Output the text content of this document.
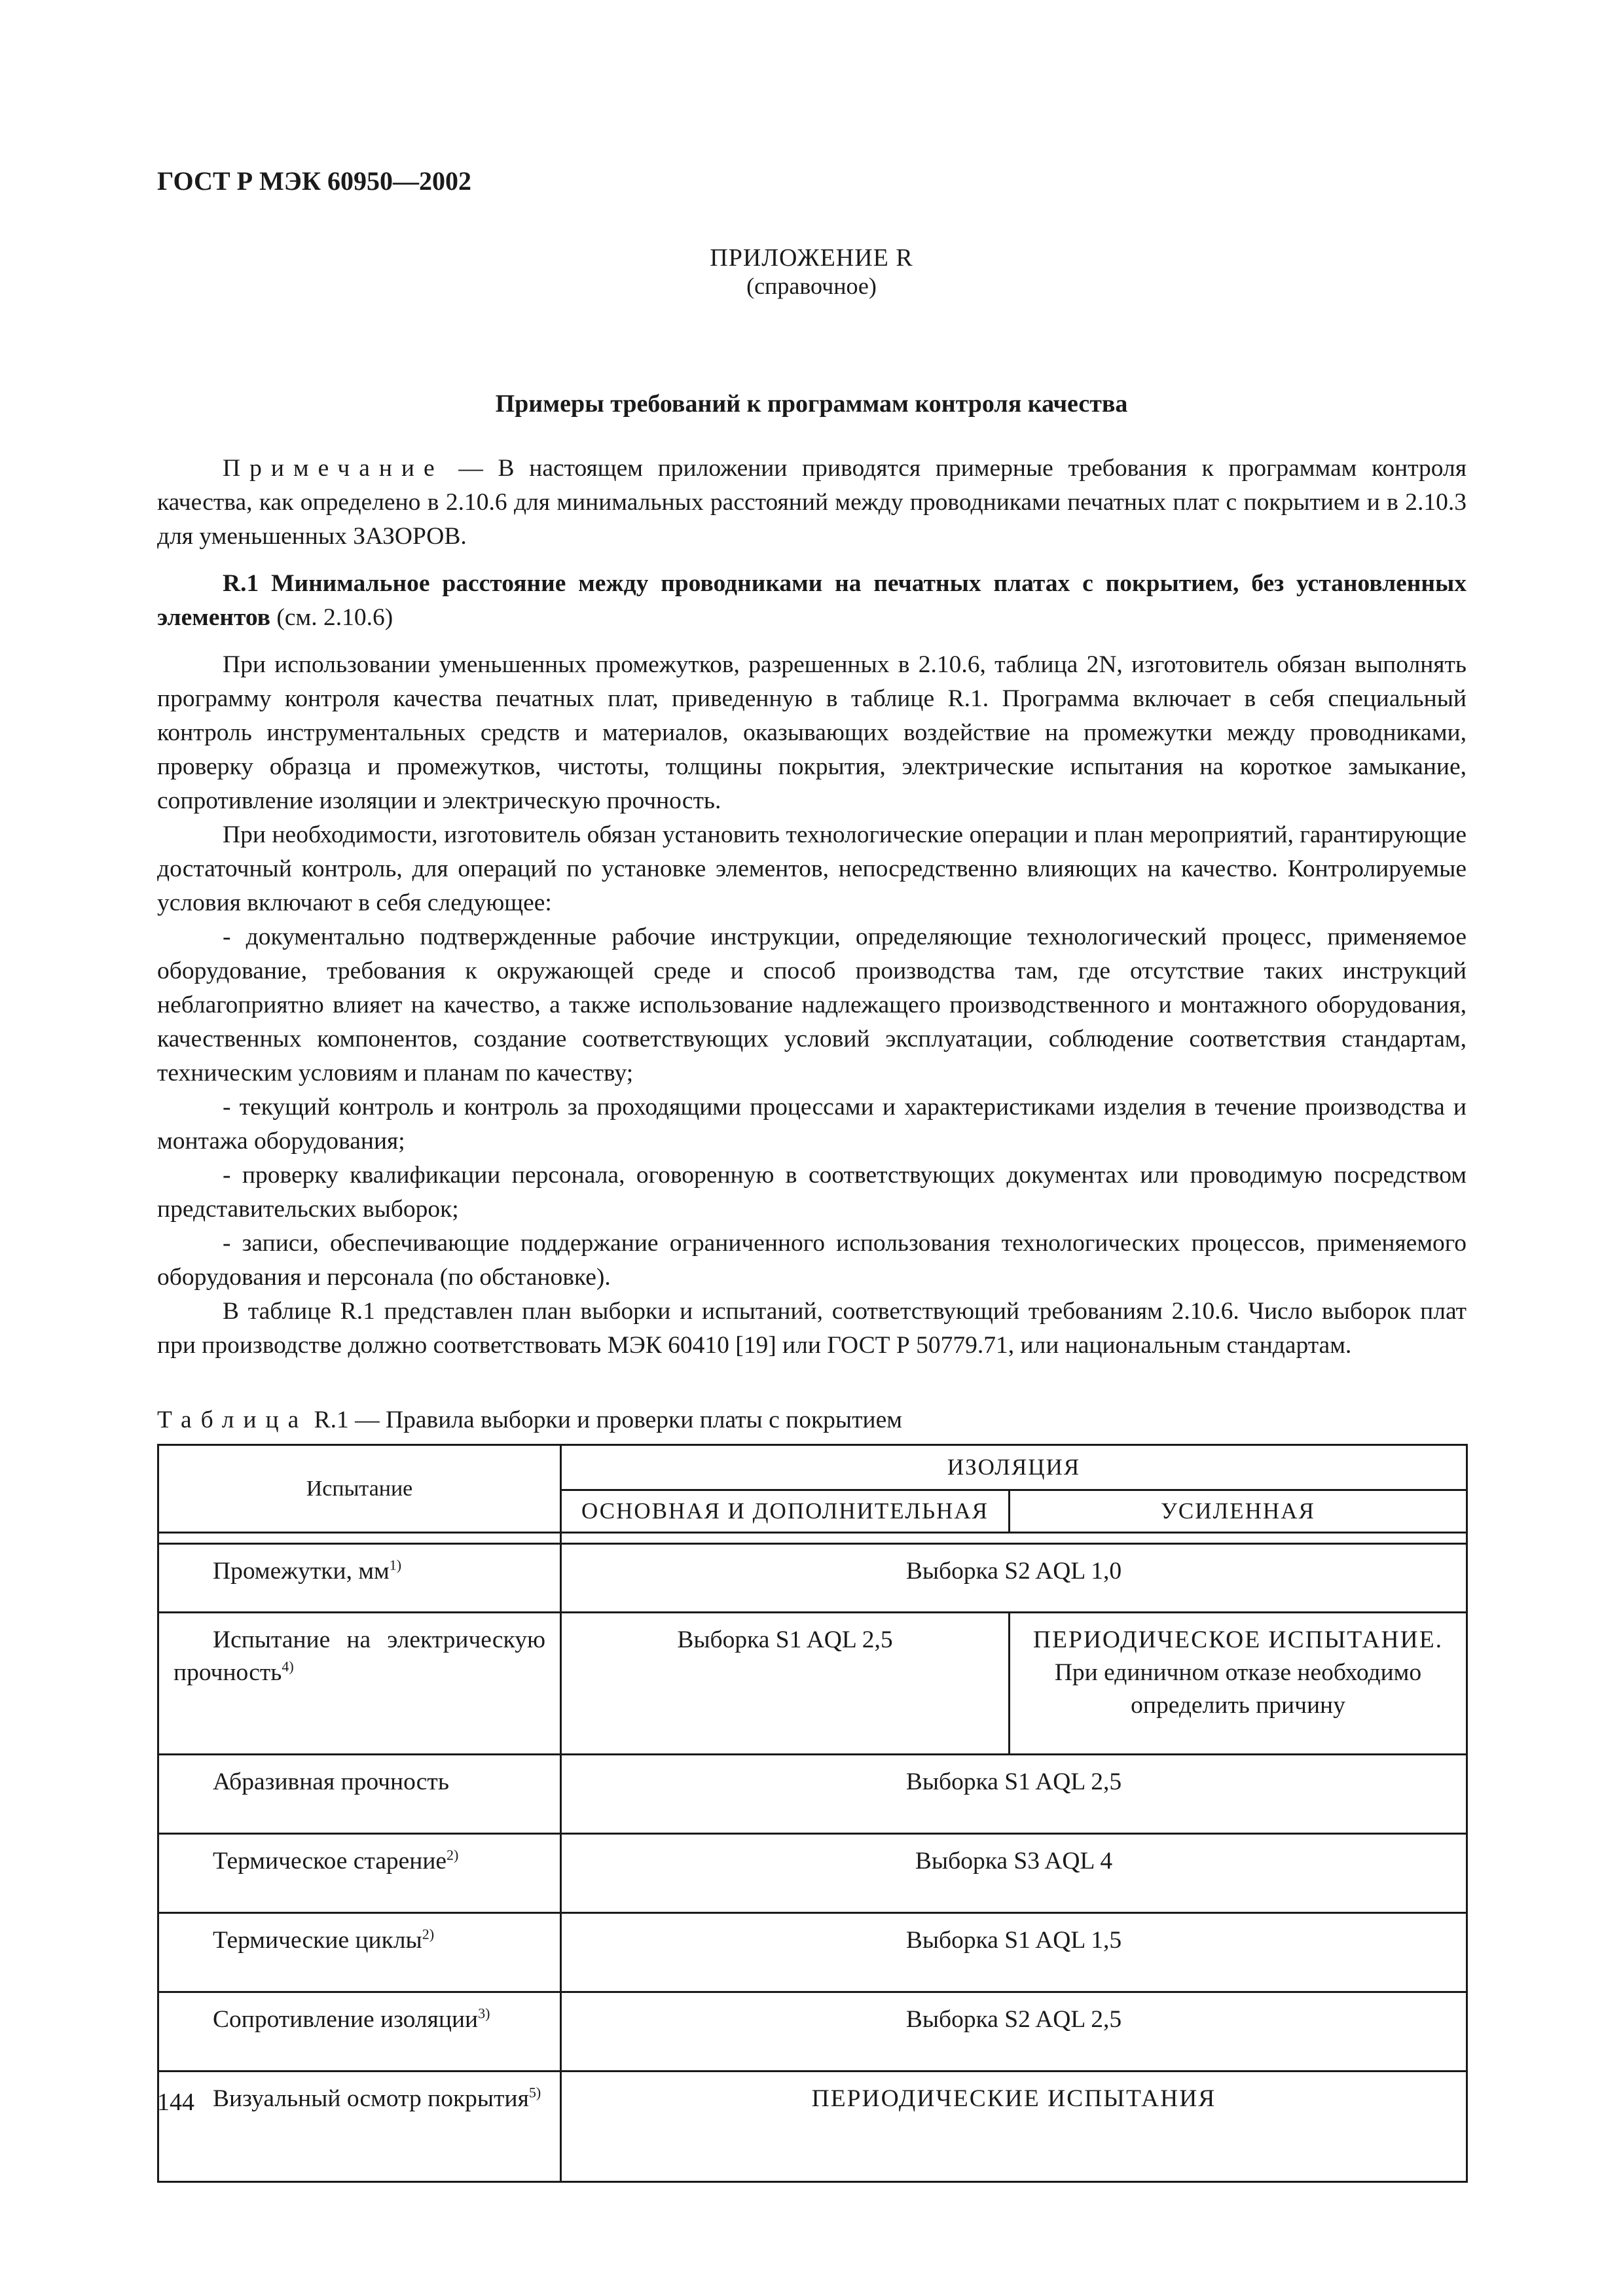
ГОСТ Р МЭК 60950—2002

ПРИЛОЖЕНИЕ R

(справочное)

Примеры требований к программам контроля качества

Примечание — В настоящем приложении приводятся примерные требования к программам контроля качества, как определено в 2.10.6 для минимальных расстояний между проводниками печатных плат с покрытием и в 2.10.3 для уменьшенных ЗАЗОРОВ.

R.1 Минимальное расстояние между проводниками на печатных платах с покрытием, без установленных элементов (см. 2.10.6)

При использовании уменьшенных промежутков, разрешенных в 2.10.6, таблица 2N, изготовитель обязан выполнять программу контроля качества печатных плат, приведенную в таблице R.1. Программа включает в себя специальный контроль инструментальных средств и материалов, оказывающих воздействие на промежутки между проводниками, проверку образца и промежутков, чистоты, толщины покрытия, электрические испытания на короткое замыкание, сопротивление изоляции и электрическую прочность.

При необходимости, изготовитель обязан установить технологические операции и план мероприятий, гарантирующие достаточный контроль, для операций по установке элементов, непосредственно влияющих на качество. Контролируемые условия включают в себя следующее:

- документально подтвержденные рабочие инструкции, определяющие технологический процесс, применяемое оборудование, требования к окружающей среде и способ производства там, где отсутствие таких инструкций неблагоприятно влияет на качество, а также использование надлежащего производственного и монтажного оборудования, качественных компонентов, создание соответствующих условий эксплуатации, соблюдение соответствия стандартам, техническим условиям и планам по качеству;

- текущий контроль и контроль за проходящими процессами и характеристиками изделия в течение производства и монтажа оборудования;

- проверку квалификации персонала, оговоренную в соответствующих документах или проводимую посредством представительских выборок;

- записи, обеспечивающие поддержание ограниченного использования технологических процессов, применяемого оборудования и персонала (по обстановке).

В таблице R.1 представлен план выборки и испытаний, соответствующий требованиям 2.10.6. Число выборок плат при производстве должно соответствовать МЭК 60410 [19] или ГОСТ Р 50779.71, или национальным стандартам.

Таблица R.1 — Правила выборки и проверки платы с покрытием

Испытание	ИЗОЛЯЦИЯ	
	ОСНОВНАЯ И ДОПОЛНИТЕЛЬНАЯ	УСИЛЕННАЯ

Промежутки, $мм^{1)}$	Выборка S2 AQL 1,0	

Испытание на электрическую прочность$^{4)}$	Выборка S1 AQL 2,5	ПЕРИОДИЧЕСКОЕ ИСПЫТАНИЕ.
При единичном отказе необходимо определить причину

Абразивная прочность	Выборка S1 AQL 2,5	

Термическое старение$^{2)}$	Выборка S3 AQL 4	

Термические циклы$^{2)}$	Выборка S1 AQL 1,5	

Сопротивление изоляции$^{3)}$	Выборка S2 AQL 2,5	

Визуальный осмотр покрытия$^{5)}$	ПЕРИОДИЧЕСКИЕ ИСПЫТАНИЯ	

144
